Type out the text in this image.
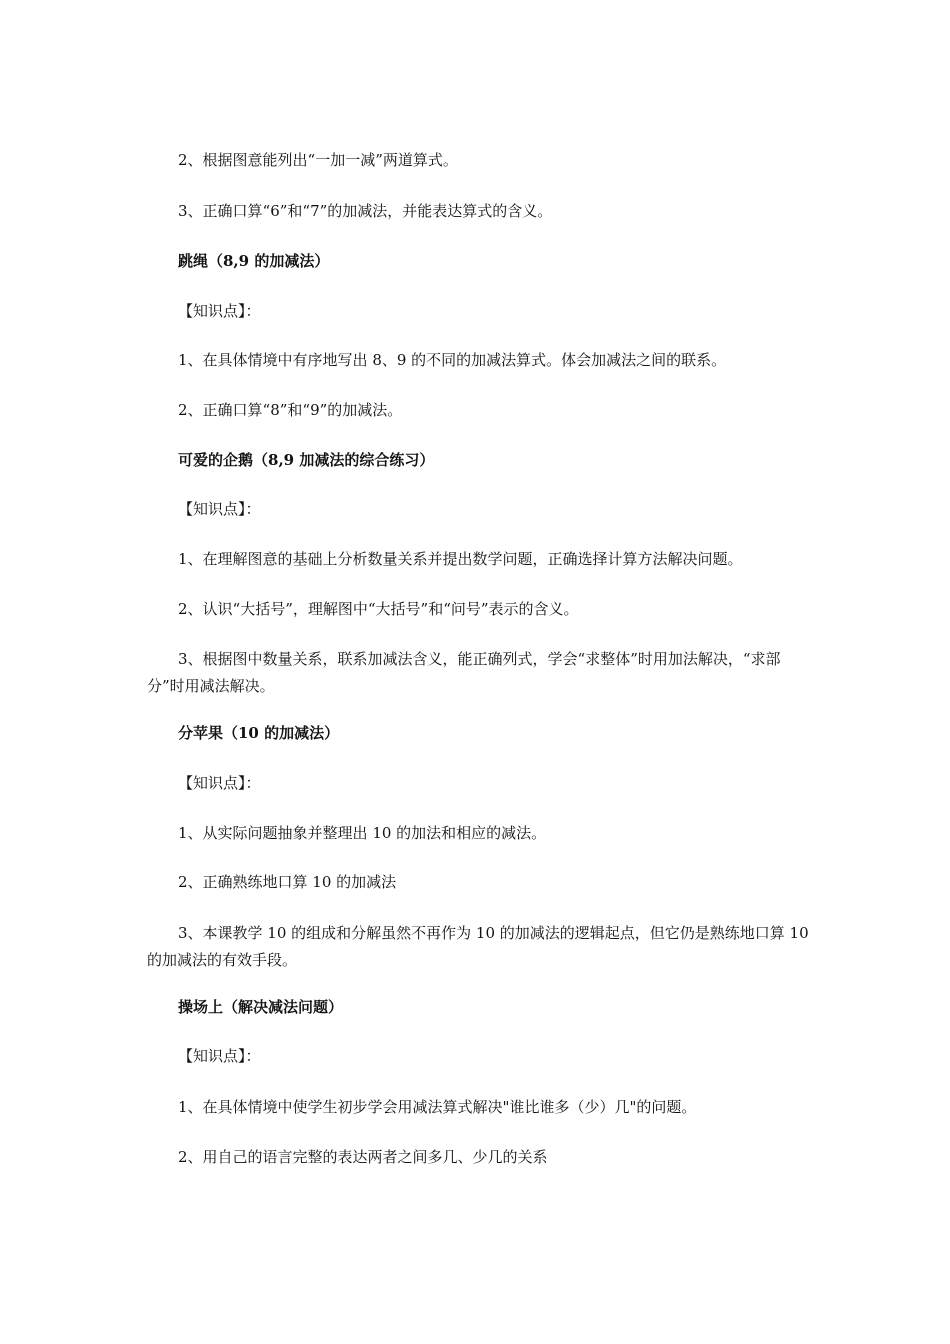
2、根据图意能列出“一加一减”两道算式。
3、正确口算“6”和“7”的加减法，并能表达算式的含义。
跳绳（8,9 的加减法）
【知识点】：
1、在具体情境中有序地写出 8、9 的不同的加减法算式。体会加减法之间的联系。
2、正确口算“8”和“9”的加减法。
可爱的企鹅（8,9 加减法的综合练习）
【知识点】：
1、在理解图意的基础上分析数量关系并提出数学问题，正确选择计算方法解决问题。
2、认识“大括号”，理解图中“大括号”和“问号”表示的含义。
3、根据图中数量关系，联系加减法含义，能正确列式，学会“求整体”时用加法解决，“求部分”时用减法解决。
分苹果（10 的加减法）
【知识点】：
1、从实际问题抽象并整理出 10 的加法和相应的减法。
2、正确熟练地口算 10 的加减法
3、本课教学 10 的组成和分解虽然不再作为 10 的加减法的逻辑起点，但它仍是熟练地口算 10 的加减法的有效手段。
操场上（解决减法问题）
【知识点】：
1、在具体情境中使学生初步学会用减法算式解决"谁比谁多（少）几"的问题。
2、用自己的语言完整的表达两者之间多几、少几的关系
